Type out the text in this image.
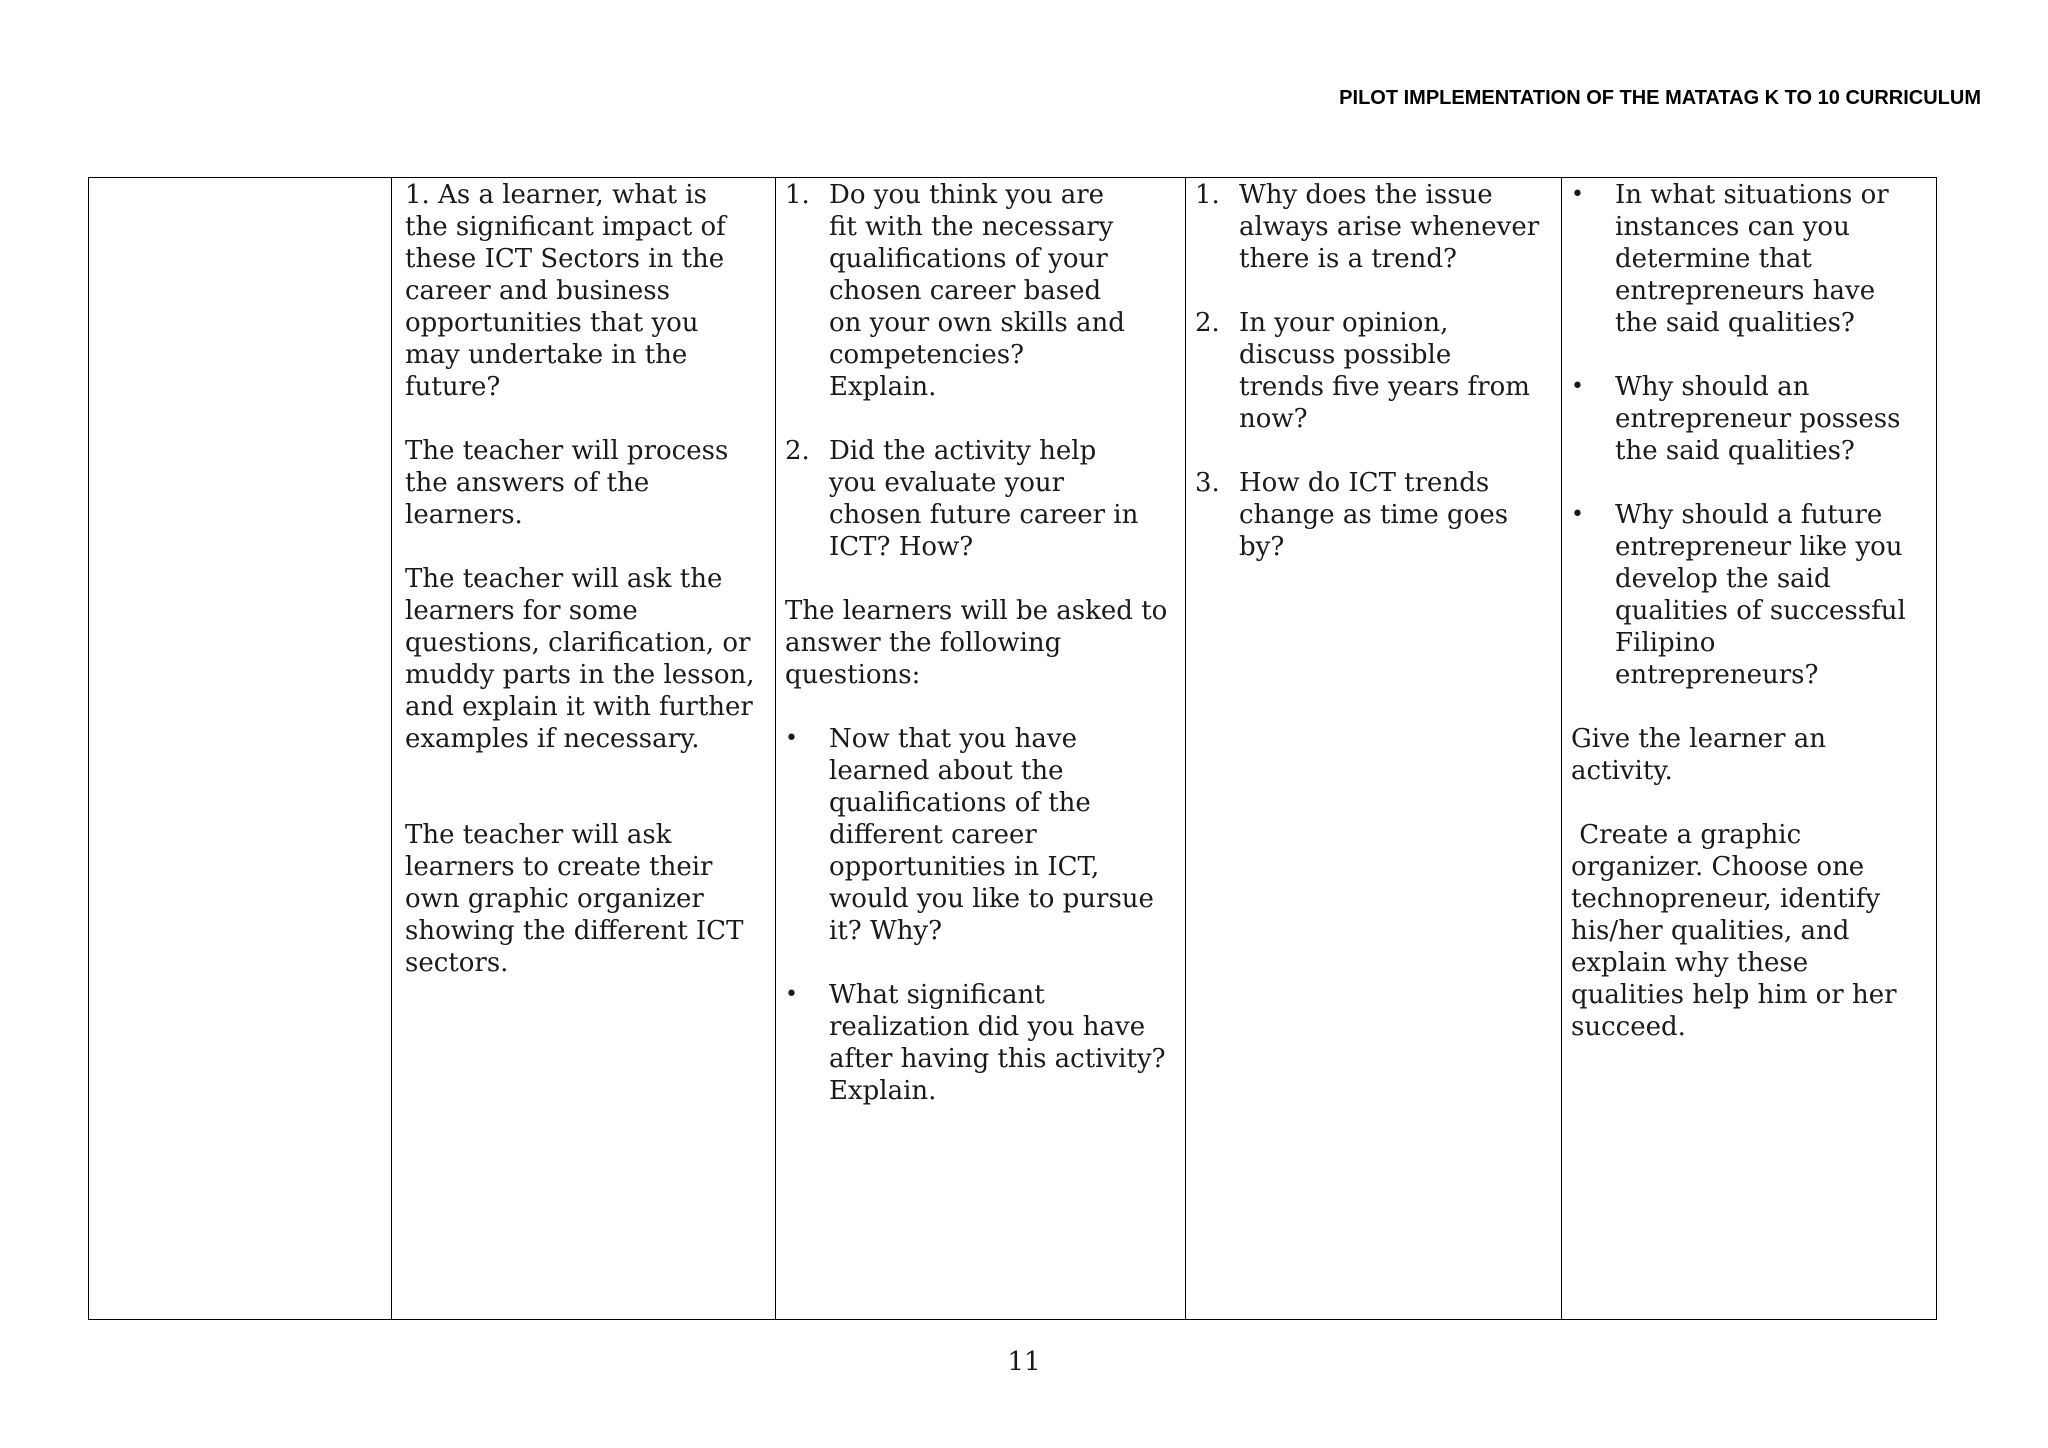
PILOT IMPLEMENTATION OF THE MATATAG K TO 10 CURRICULUM

1. As a learner, what is

the significant impact of

these ICT Sectors in the

career and business

opportunities that you

may undertake in the

future?

The teacher will process

the answers of the

learners.

The teacher will ask the

learners for some

questions, clarification, or

muddy parts in the lesson,

and explain it with further

examples if necessary.

The teacher will ask

learners to create their

own graphic organizer

showing the different ICT

sectors.

1. Do you think you are

fit with the necessary

qualifications of your

chosen career based

on your own skills and

competencies?

Explain.

2. Did the activity help

you evaluate your

chosen future career in

ICT? How?

The learners will be asked to

answer the following

questions:

• Now that you have

learned about the

qualifications of the

different career

opportunities in ICT,

would you like to pursue

it? Why?

• What significant

realization did you have

after having this activity?

Explain.

1. Why does the issue

always arise whenever

there is a trend?

2. In your opinion,

discuss possible

trends five years from

now?

3. How do ICT trends

change as time goes

by?

• In what situations or

instances can you

determine that

entrepreneurs have

the said qualities?

• Why should an

entrepreneur possess

the said qualities?

• Why should a future

entrepreneur like you

develop the said

qualities of successful

Filipino

entrepreneurs?

Give the learner an

activity.

Create a graphic

organizer. Choose one

technopreneur, identify

his/her qualities, and

explain why these

qualities help him or her

succeed.

11
